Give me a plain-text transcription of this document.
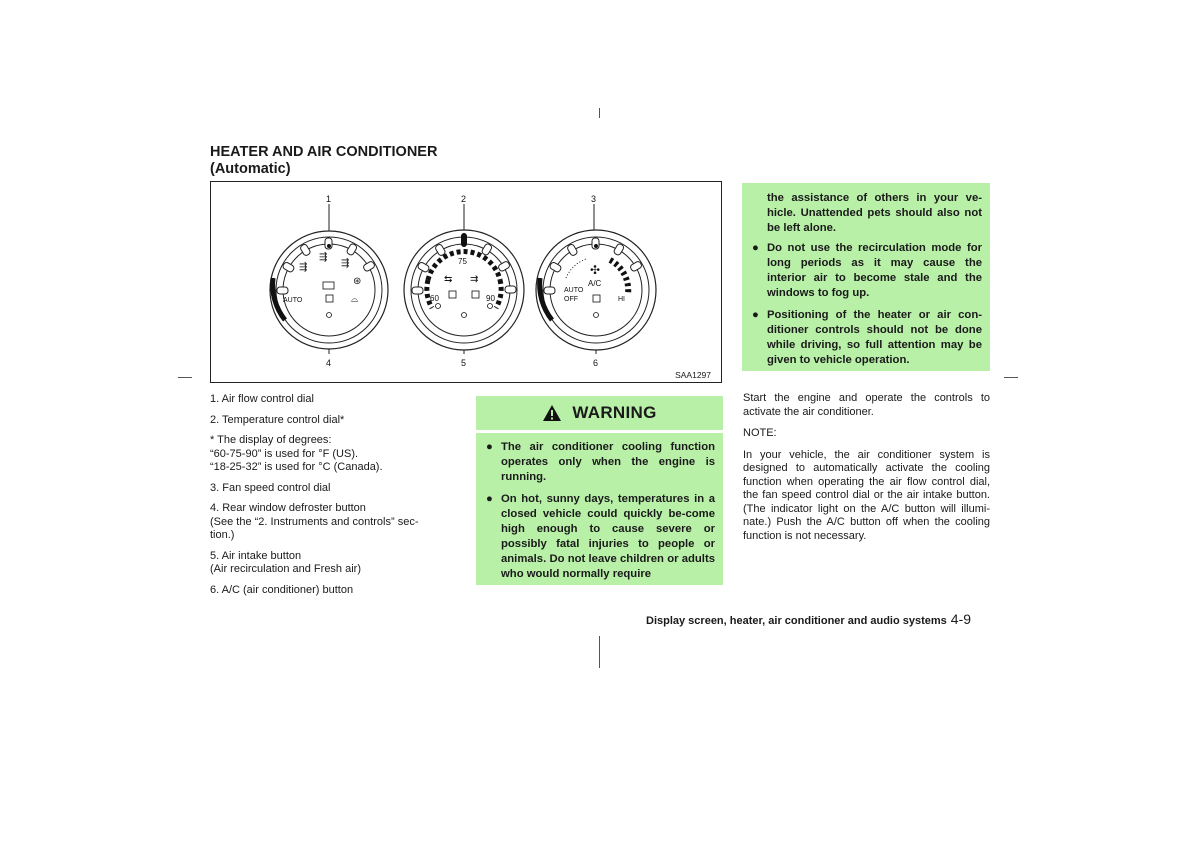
HEATER AND AIR CONDITIONER
(Automatic)
⇶
⇶
⇶
⊛
AUTO	⌓
75
60	90
⇆ ⇉
✣
A/C
AUTO
OFF	HI
1	2	3
4	5	6
SAA1297
1. Air flow control dial
2. Temperature control dial*
* The display of degrees:
“60-75-90” is used for °F (US).
“18-25-32” is used for °C (Canada).
3. Fan speed control dial
4. Rear window defroster button
(See the “2. Instruments and controls” sec-
tion.)
5. Air intake button
(Air recirculation and Fresh air)
6. A/C (air conditioner) button
WARNING
● The air conditioner cooling function operates only when the engine is running.
● On hot, sunny days, temperatures in a closed vehicle could quickly be-come high enough to cause severe or possibly fatal injuries to people or animals. Do not leave children or adults who would normally require
the assistance of others in your ve-hicle. Unattended pets should also not be left alone.
● Do not use the recirculation mode for long periods as it may cause the interior air to become stale and the windows to fog up.
● Positioning of the heater or air con-ditioner controls should not be done while driving, so full attention may be given to vehicle operation.

Start the engine and operate the controls to activate the air conditioner.

NOTE:

In your vehicle, the air conditioner system is designed to automatically activate the cooling function when operating the air flow control dial, the fan speed control dial or the air intake button. (The indicator light on the A/C button will illumi-nate.) Push the A/C button off when the cooling function is not necessary.

Display screen, heater, air conditioner and audio systems 4-9
